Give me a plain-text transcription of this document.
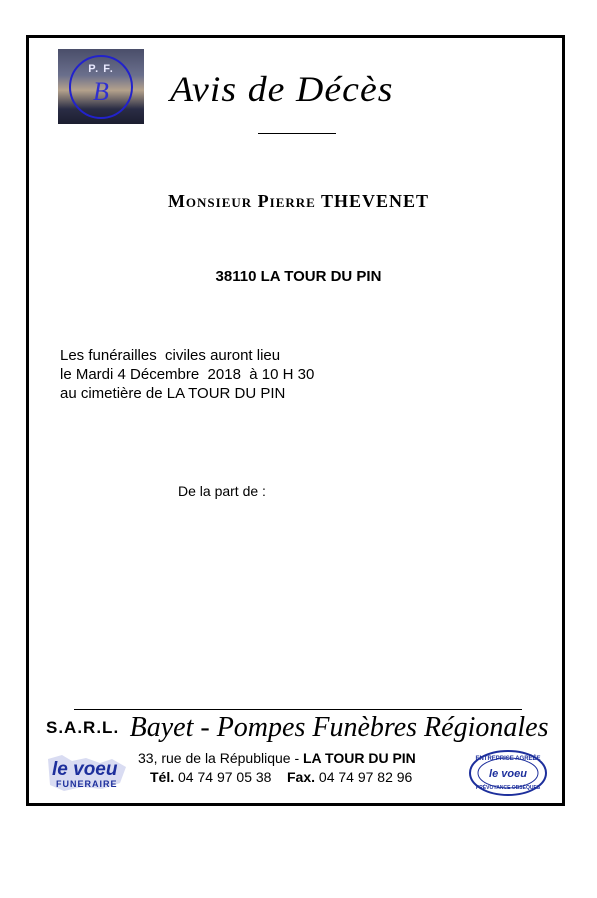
P. F.
B	Avis de Décès
Monsieur Pierre THEVENET
38110 LA TOUR DU PIN
Les funérailles  civiles auront lieu
le Mardi 4 Décembre  2018  à 10 H 30
au cimetière de LA TOUR DU PIN
De la part de :
S.A.R.L. Bayet - Pompes Funèbres Régionales
33, rue de la République - LA TOUR DU PIN
Tél. 04 74 97 05 38 Fax. 04 74 97 82 96
le voeu
FUNERAIRE
ENTREPRISE AGRÉÉE
le voeu
PRÉVOYANCE OBSÈQUES
